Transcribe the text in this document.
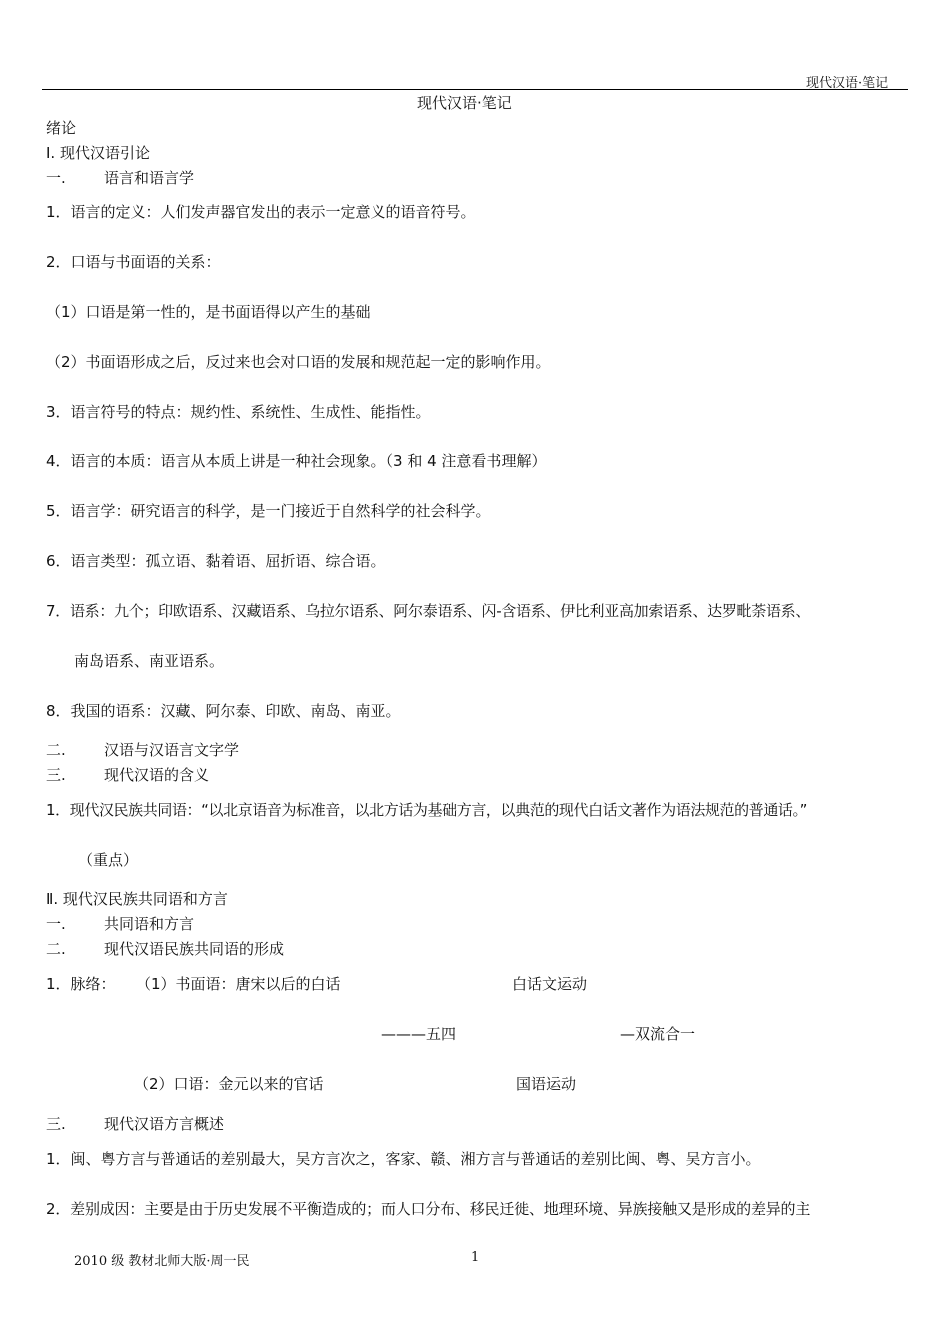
现代汉语·笔记
现代汉语·笔记
绪论
Ⅰ. 现代汉语引论
一.	语言和语言学
1．语言的定义：人们发声器官发出的表示一定意义的语音符号。
2．口语与书面语的关系：
（1）口语是第一性的，是书面语得以产生的基础
（2）书面语形成之后，反过来也会对口语的发展和规范起一定的影响作用。
3．语言符号的特点：规约性、系统性、生成性、能指性。
4．语言的本质：语言从本质上讲是一种社会现象。（3 和 4 注意看书理解）
5．语言学：研究语言的科学，是一门接近于自然科学的社会科学。
6．语言类型：孤立语、黏着语、屈折语、综合语。
7．语系：九个；印欧语系、汉藏语系、乌拉尔语系、阿尔泰语系、闪-含语系、伊比利亚高加索语系、达罗毗荼语系、
南岛语系、南亚语系。
8．我国的语系：汉藏、阿尔泰、印欧、南岛、南亚。
二.	汉语与汉语言文字学
三.	现代汉语的含义
1．现代汉民族共同语：“以北京语音为标准音，以北方话为基础方言，以典范的现代白话文著作为语法规范的普通话。”
（重点）
Ⅱ. 现代汉民族共同语和方言
一.	共同语和方言
二.	现代汉语民族共同语的形成
1．脉络： （1）书面语：唐宋以后的白话	白话文运动
———五四	—双流合一
（2）口语：金元以来的官话	国语运动
三.	现代汉语方言概述
1．闽、粤方言与普通话的差别最大，吴方言次之，客家、赣、湘方言与普通话的差别比闽、粤、吴方言小。
2．差别成因：主要是由于历史发展不平衡造成的；而人口分布、移民迁徙、地理环境、异族接触又是形成的差异的主
2010 级 教材北师大版·周一民	1
